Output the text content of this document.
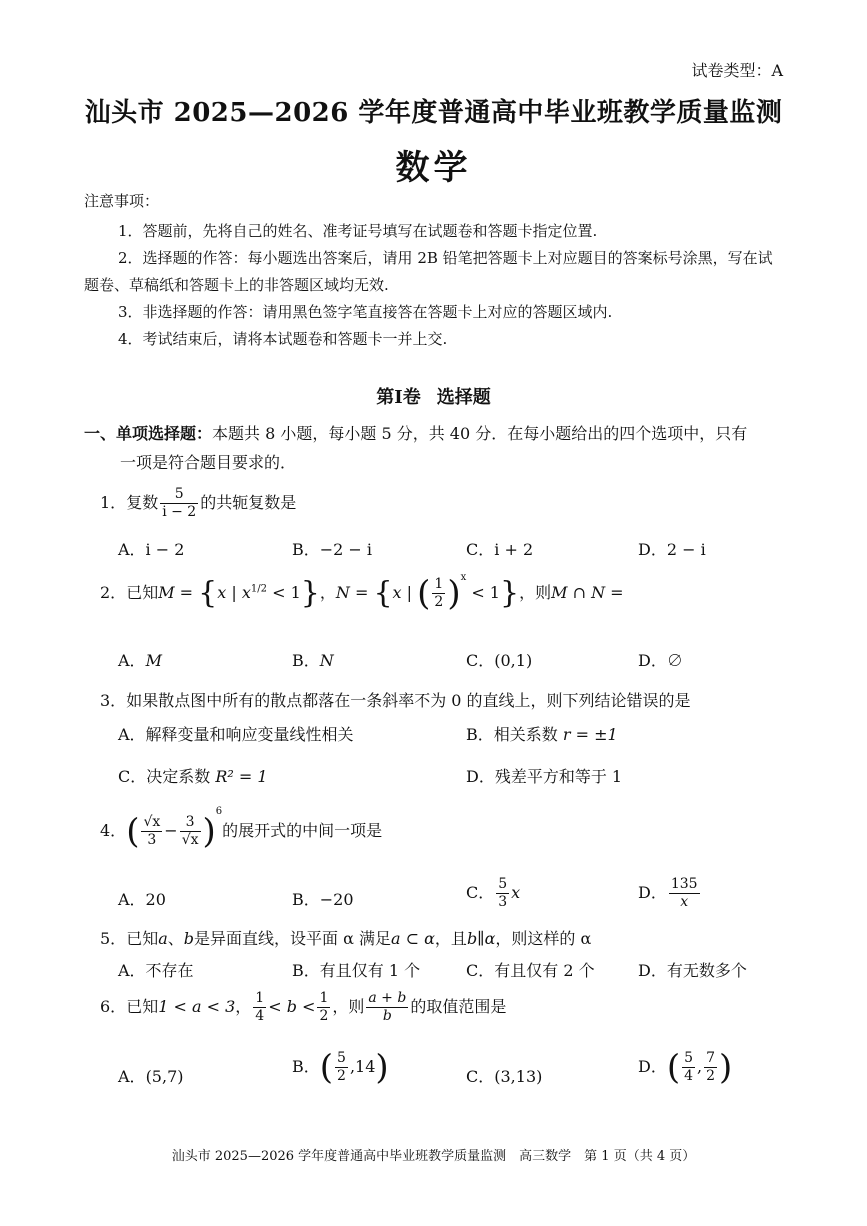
试卷类型：A
汕头市 2025—2026 学年度普通高中毕业班教学质量监测
数学
注意事项：

1．答题前，先将自己的姓名、准考证号填写在试题卷和答题卡指定位置.

2．选择题的作答：每小题选出答案后，请用 2B 铅笔把答题卡上对应题目的答案标号涂黑，写在试题卷、草稿纸和答题卡上的非答题区域均无效.

3．非选择题的作答：请用黑色签字笔直接答在答题卡上对应的答题区域内.

4．考试结束后，请将本试题卷和答题卡一并上交.

第Ⅰ卷 选择题
一、单项选择题：本题共 8 小题，每小题 5 分，共 40 分．在每小题给出的四个选项中，只有
一项是符合题目要求的．
1．复数 $\frac{5}{i - 2}$ 的共轭复数是
A．i − 2	B．−2 − i	C．i + 2	D．2 − i
2．已知M = {x | $x^{1/2} < 1$}，N = {x | ( $\frac{1}{2} )^x < 1$}，则M ∩ N =
A．M	B．N	C．(0,1)	D．∅
3．如果散点图中所有的散点都落在一条斜率不为 0 的直线上，则下列结论错误的是
A．解释变量和响应变量线性相关	B．相关系数 r = ±1
C．决定系数 R² = 1	D．残差平方和等于 1
4．( $\frac{√x}{3} - \frac{3}{√x} )^6$的展开式的中间一项是
A．20	B．−20	C． $\frac{5}{3}$ x	D． $\frac{135}{x}$
5．已知a、b是异面直线，设平面 α 满足a ⊂ α，且b∥α，则这样的 α
A．不存在	B．有且仅有 1 个	C．有且仅有 2 个	D．有无数多个
6．已知1 < a < 3， $\frac{1}{4} < b < \frac{1}{2}$ ，则 $\frac{a + b}{b}$ 的取值范围是
A．(5,7)
B．( $\frac{5}{2} ,14$)	C．(3,13)
D．( $\frac{5}{4}$ , $\frac{7}{2}$ )
汕头市 2025—2026 学年度普通高中毕业班教学质量监测　高三数学　第 1 页（共 4 页）
